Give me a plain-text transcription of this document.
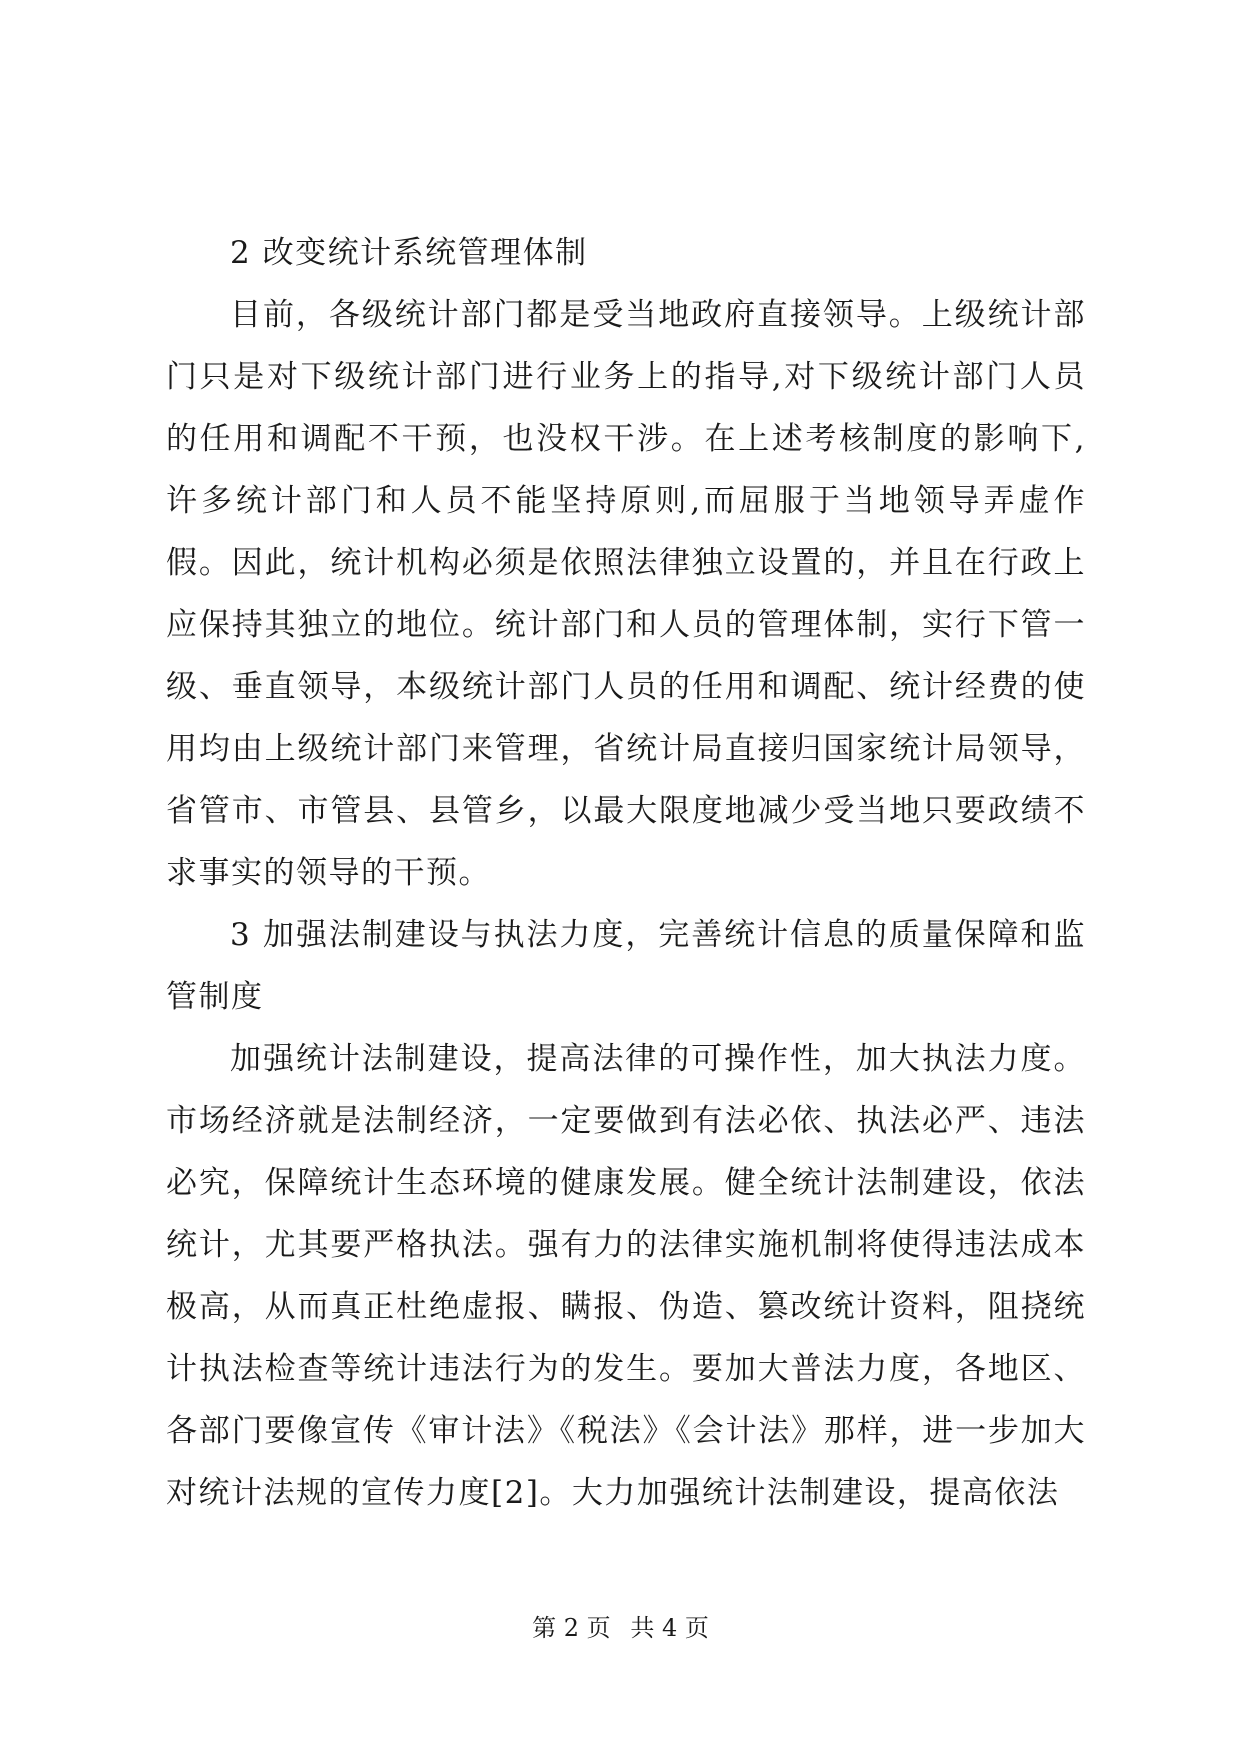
2 改变统计系统管理体制

目前，各级统计部门都是受当地政府直接领导。上级统计部门只是对下级统计部门进行业务上的指导,对下级统计部门人员的任用和调配不干预，也没权干涉。在上述考核制度的影响下,许多统计部门和人员不能坚持原则,而屈服于当地领导弄虚作假。因此，统计机构必须是依照法律独立设置的，并且在行政上应保持其独立的地位。统计部门和人员的管理体制，实行下管一级、垂直领导，本级统计部门人员的任用和调配、统计经费的使用均由上级统计部门来管理，省统计局直接归国家统计局领导，省管市、市管县、县管乡，以最大限度地减少受当地只要政绩不求事实的领导的干预。

3 加强法制建设与执法力度，完善统计信息的质量保障和监管制度

加强统计法制建设，提高法律的可操作性，加大执法力度。市场经济就是法制经济，一定要做到有法必依、执法必严、违法必究，保障统计生态环境的健康发展。健全统计法制建设，依法统计，尤其要严格执法。强有力的法律实施机制将使得违法成本极高，从而真正杜绝虚报、瞒报、伪造、篡改统计资料，阻挠统计执法检查等统计违法行为的发生。要加大普法力度，各地区、各部门要像宣传《审计法》《税法》《会计法》那样，进一步加大对统计法规的宣传力度[2]。大力加强统计法制建设，提高依法

第 2 页 共 4 页
